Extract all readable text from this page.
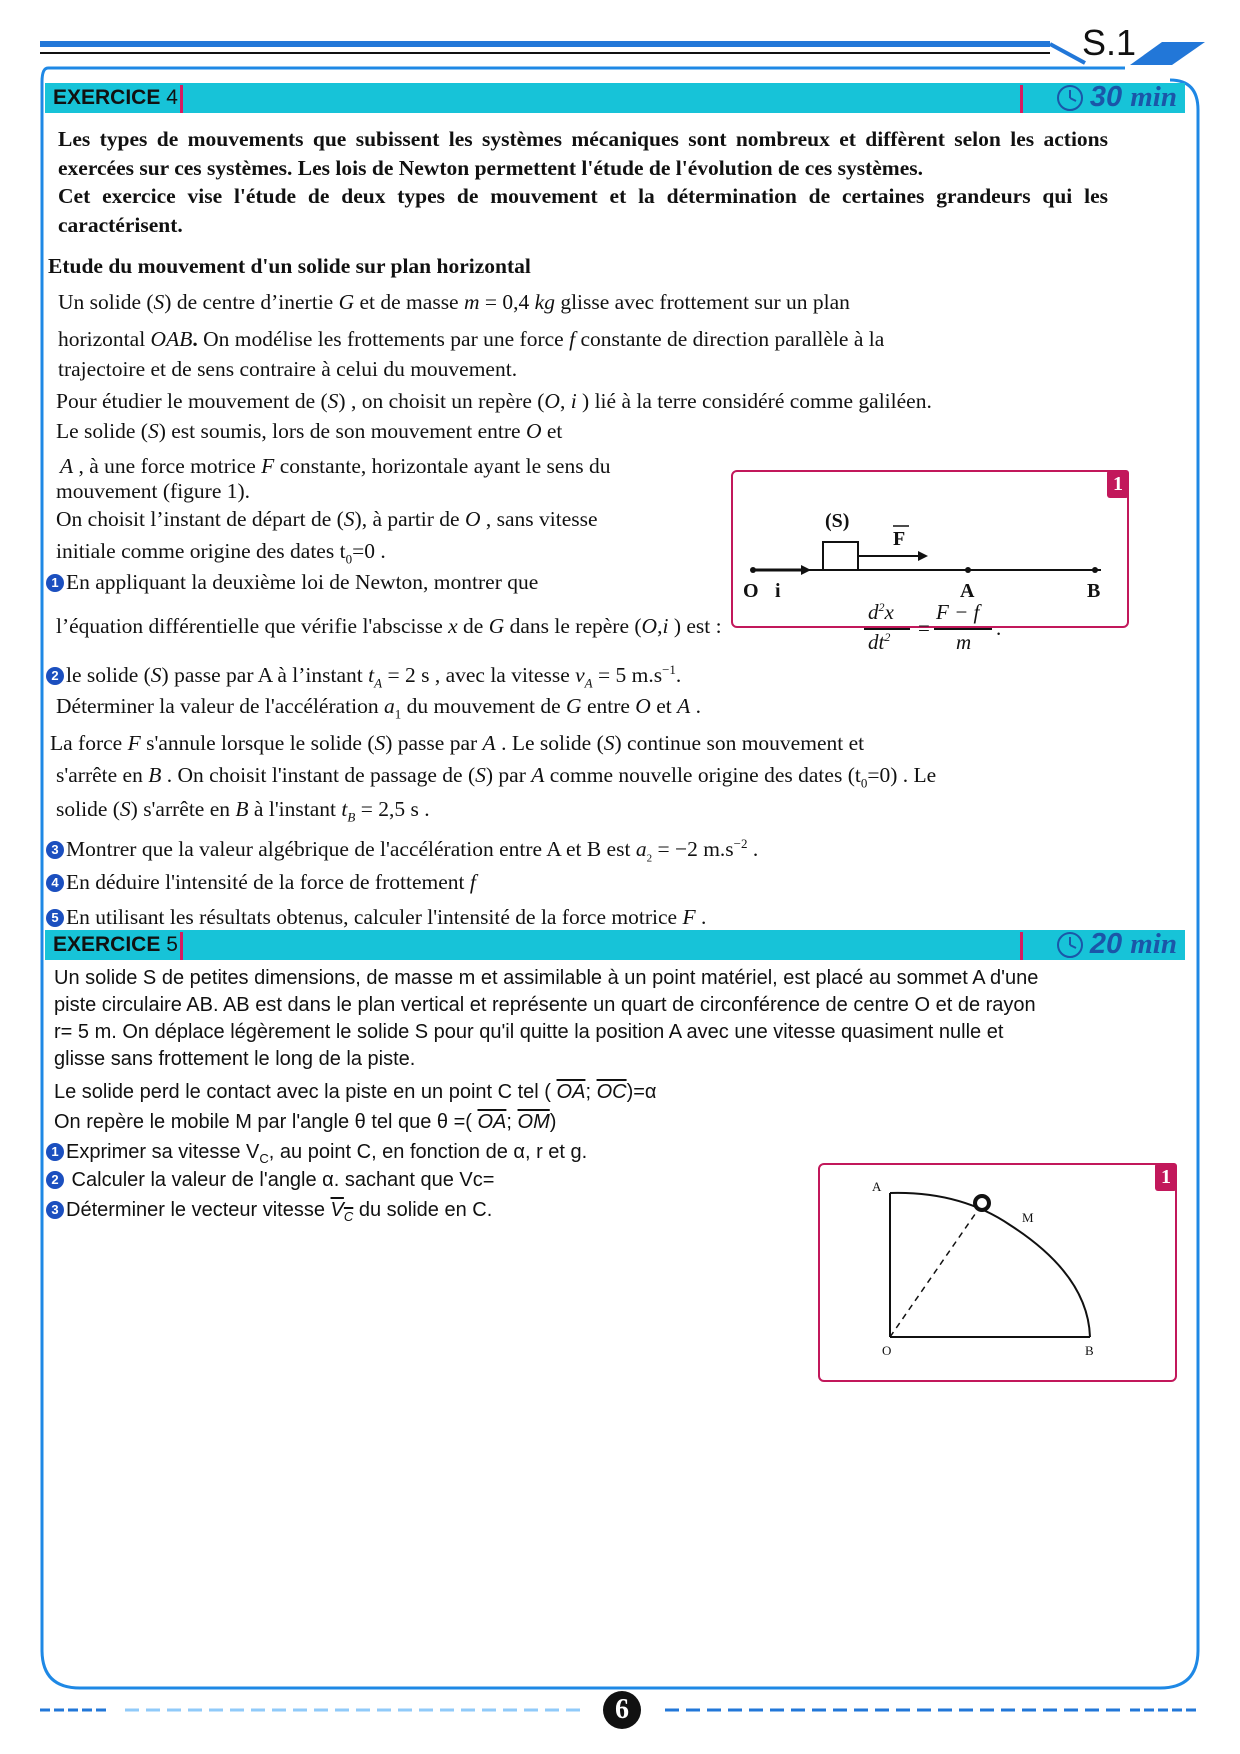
S.1
EXERCICE 4	30 min

Les types de mouvements que subissent les systèmes mécaniques sont nombreux et diffèrent selon les actions exercées sur ces systèmes. Les lois de Newton permettent l'étude de l'évolution de ces systèmes.

Cet exercice vise l'étude de deux types de mouvement et la détermination de certaines grandeurs qui les caractérisent.

Etude du mouvement d'un solide sur plan horizontal
Un solide (S) de centre d’inertie G et de masse m = 0,4 kg glisse avec frottement sur un plan
horizontal OAB. On modélise les frottements par une force f constante de direction parallèle à la
trajectoire et de sens contraire à celui du mouvement.
Pour étudier le mouvement de (S) , on choisit un repère (O, i ) lié à la terre considéré comme galiléen.
Le solide (S) est soumis, lors de son mouvement entre O et
A , à une force motrice F constante, horizontale ayant le sens du
mouvement (figure 1).
On choisit l’instant de départ de (S), à partir de O , sans vitesse
initiale comme origine des dates $t_0=0$ .
1
(S)
F
O i	A	B
1 En appliquant la deuxième loi de Newton, montrer que
l’équation différentielle que vérifie l'abscisse x de G dans le repère (O,i ) est :
$d^2x$
$dt^2$ =
F − f
m
.
2 le solide (S) passe par A à l’instant $t_A = 2$ s , avec la vitesse $v_A = 5$ $m.s^{-1}$.
Déterminer la valeur de l'accélération $a_1$ du mouvement de G entre O et A .
La force F s'annule lorsque le solide (S) passe par A . Le solide (S) continue son mouvement et
s'arrête en B . On choisit l'instant de passage de (S) par A comme nouvelle origine des dates $(t_0=0)$ . Le
solide (S) s'arrête en B à l'instant $t_B = 2,5$ s .
3 Montrer que la valeur algébrique de l'accélération entre A et B est $a_2 = -2$ $m.s^{-2}$ .
4 En déduire l'intensité de la force de frottement f
5 En utilisant les résultats obtenus, calculer l'intensité de la force motrice F .
EXERCICE 5	20 min
Un solide S de petites dimensions, de masse m et assimilable à un point matériel, est placé au sommet A d'une
piste circulaire AB. AB est dans le plan vertical et représente un quart de circonférence de centre O et de rayon
r= 5 m. On déplace légèrement le solide S pour qu'il quitte la position A avec une vitesse quasiment nulle et
glisse sans frottement le long de la piste.
Le solide perd le contact avec la piste en un point C tel ( $\overline{OA}$; $\overline{OC})=\alpha$
On repère le mobile M par l'angle θ tel que θ =( $\overline{OA}$; $\overline{OM}$)
1 Exprimer sa vitesse $V_C$, au point C, en fonction de α, r et g.
2 Calculer la valeur de l'angle α. sachant que Vc=
3 Déterminer le vecteur vitesse $V_C$ du solide en C.
1
A
M
O	B
6
